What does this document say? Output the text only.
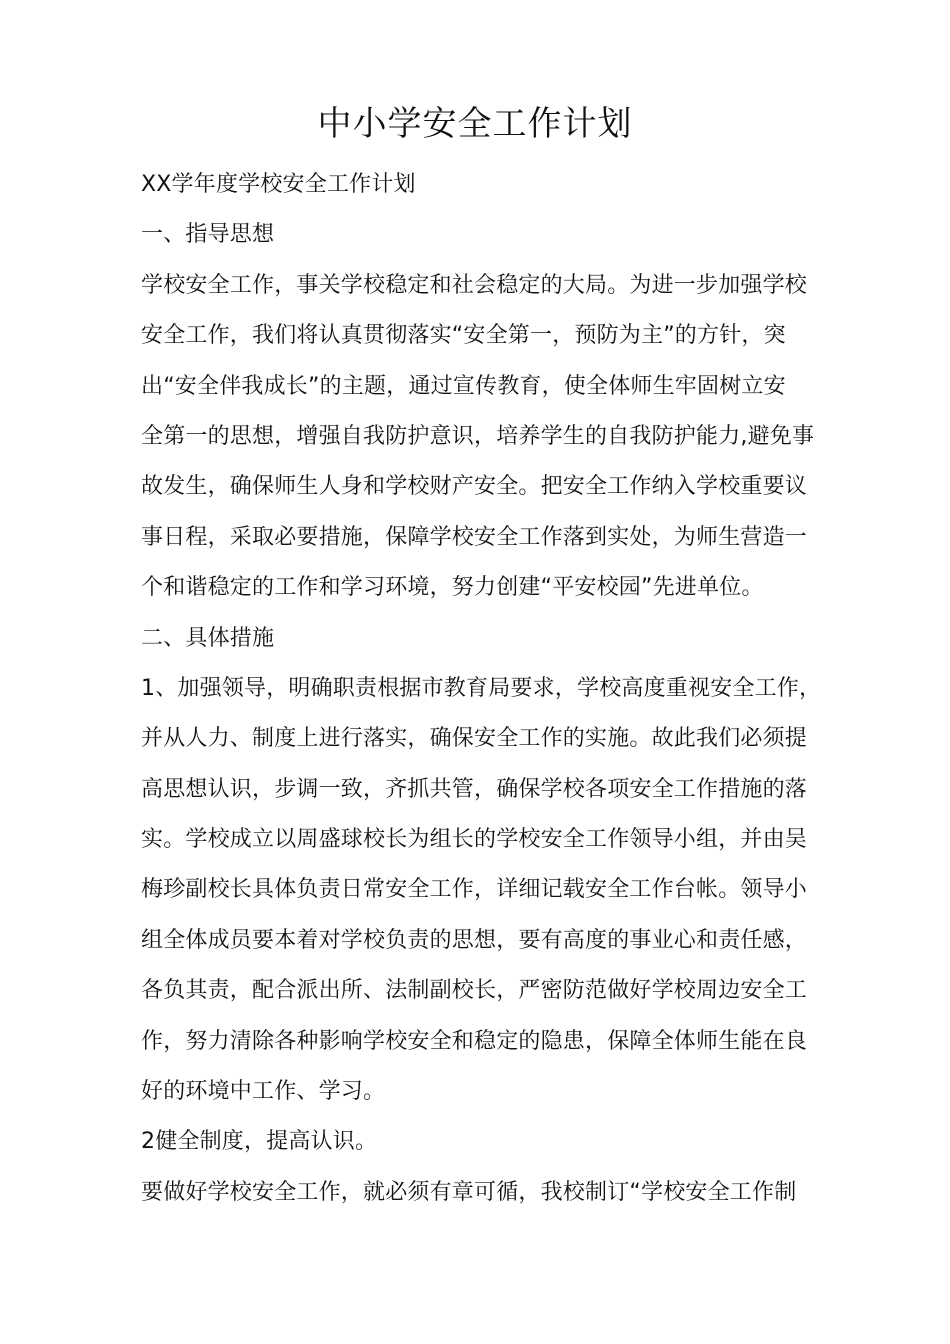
中小学安全工作计划
XX学年度学校安全工作计划
一、指导思想
学校安全工作，事关学校稳定和社会稳定的大局。为进一步加强学校
安全工作，我们将认真贯彻落实“安全第一，预防为主”的方针，突
出“安全伴我成长”的主题，通过宣传教育，使全体师生牢固树立安
全第一的思想，增强自我防护意识，培养学生的自我防护能力,避免事
故发生，确保师生人身和学校财产安全。把安全工作纳入学校重要议
事日程，采取必要措施，保障学校安全工作落到实处，为师生营造一
个和谐稳定的工作和学习环境，努力创建“平安校园”先进单位。
二、具体措施
1、加强领导，明确职责根据市教育局要求，学校高度重视安全工作，
并从人力、制度上进行落实，确保安全工作的实施。故此我们必须提
高思想认识，步调一致，齐抓共管，确保学校各项安全工作措施的落
实。学校成立以周盛球校长为组长的学校安全工作领导小组，并由吴
梅珍副校长具体负责日常安全工作，详细记载安全工作台帐。领导小
组全体成员要本着对学校负责的思想，要有高度的事业心和责任感，
各负其责，配合派出所、法制副校长，严密防范做好学校周边安全工
作，努力清除各种影响学校安全和稳定的隐患，保障全体师生能在良
好的环境中工作、学习。
2健全制度，提高认识。
要做好学校安全工作，就必须有章可循，我校制订“学校安全工作制
